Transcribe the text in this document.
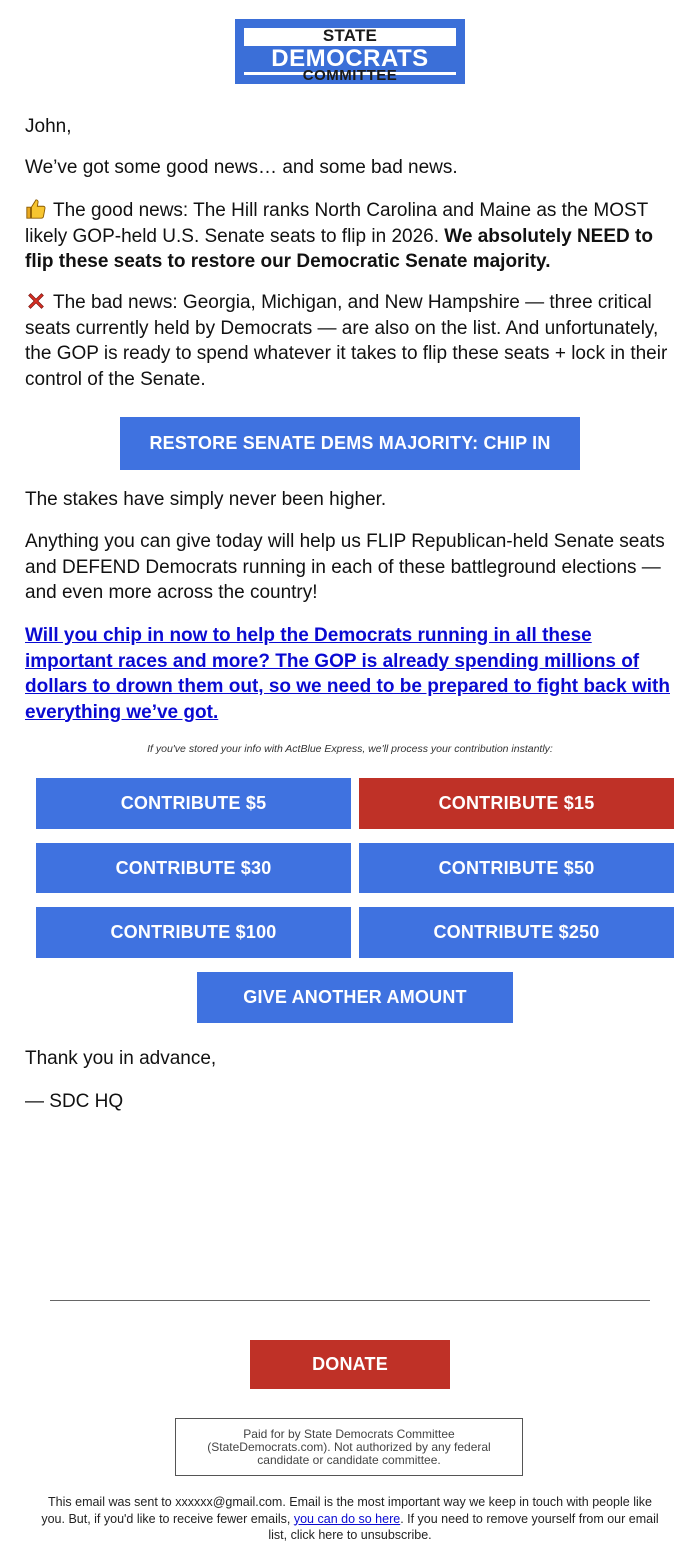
STATE
DEMOCRATS
COMMITTEE

John,

We’ve got some good news… and some bad news.

The good news: The Hill ranks North Carolina and Maine as the MOST likely GOP-held U.S. Senate seats to flip in 2026. We absolutely NEED to flip these seats to restore our Democratic Senate majority.

The bad news: Georgia, Michigan, and New Hampshire — three critical seats currently held by Democrats — are also on the list. And unfortunately, the GOP is ready to spend whatever it takes to flip these seats + lock in their control of the Senate.

RESTORE SENATE DEMS MAJORITY: CHIP IN

The stakes have simply never been higher.

Anything you can give today will help us FLIP Republican-held Senate seats and DEFEND Democrats running in each of these battleground elections — and even more across the country!

Will you chip in now to help the Democrats running in all these important races and more? The GOP is already spending millions of dollars to drown them out, so we need to be prepared to fight back with everything we’ve got.

If you've stored your info with ActBlue Express, we'll process your contribution instantly:
CONTRIBUTE $5	CONTRIBUTE $15
CONTRIBUTE $30	CONTRIBUTE $50
CONTRIBUTE $100	CONTRIBUTE $250
GIVE ANOTHER AMOUNT

Thank you in advance,

— SDC HQ

DONATE
Paid for by State Democrats Committee (StateDemocrats.com). Not authorized by any federal candidate or candidate committee.
This email was sent to xxxxxx@gmail.com. Email is the most important way we keep in touch with people like you. But, if you'd like to receive fewer emails, you can do so here. If you need to remove yourself from our email list, click here to unsubscribe.
